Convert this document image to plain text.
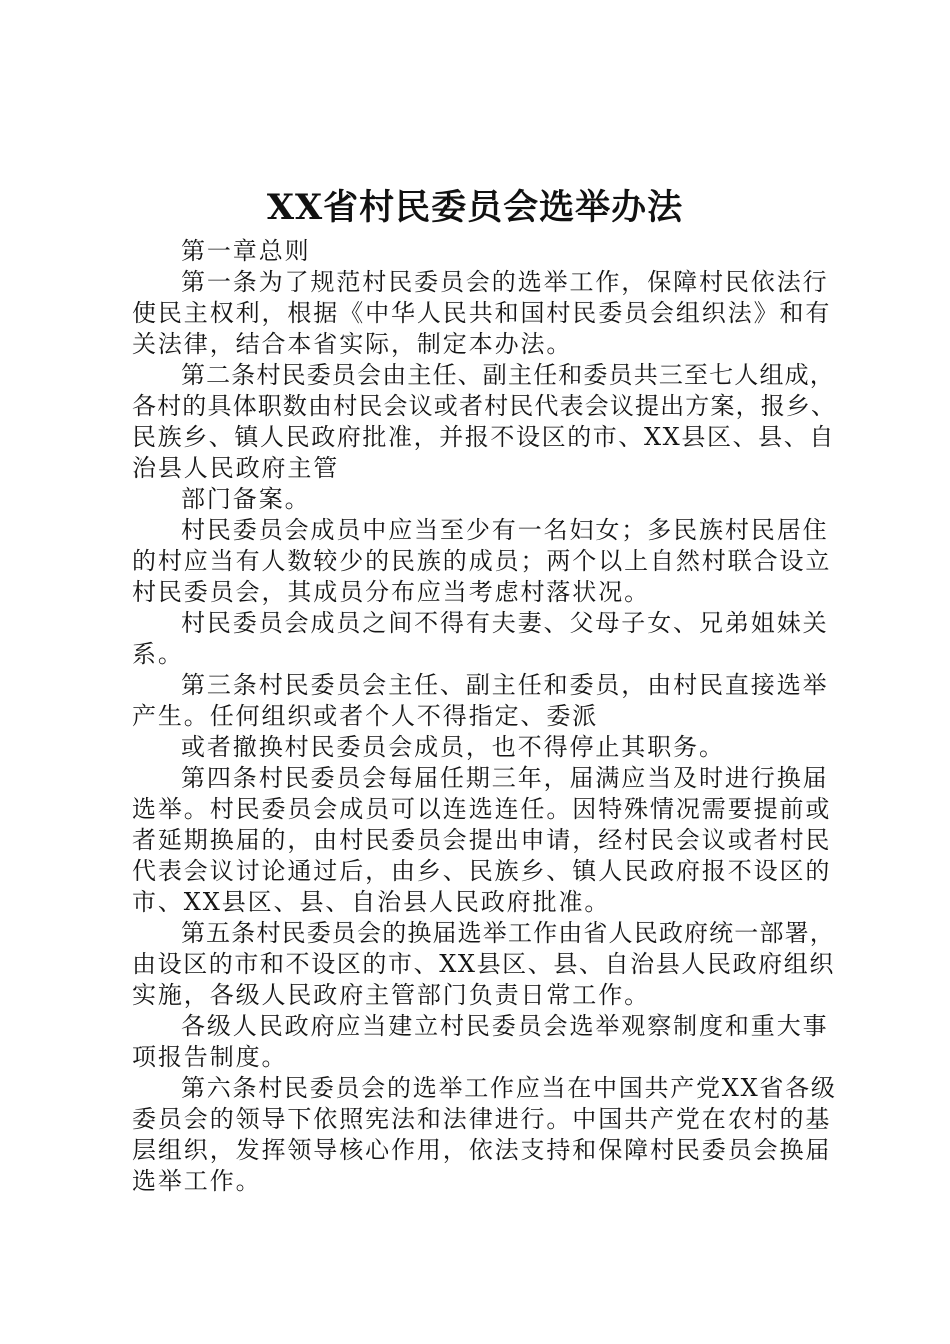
XX省村民委员会选举办法

第一章总则

第一条为了规范村民委员会的选举工作，保障村民依法行
使民主权利，根据《中华人民共和国村民委员会组织法》和有
关法律，结合本省实际，制定本办法。

第二条村民委员会由主任、副主任和委员共三至七人组成，
各村的具体职数由村民会议或者村民代表会议提出方案，报乡、
民族乡、镇人民政府批准，并报不设区的市、XX县区、县、自
治县人民政府主管

部门备案。

村民委员会成员中应当至少有一名妇女；多民族村民居住
的村应当有人数较少的民族的成员；两个以上自然村联合设立
村民委员会，其成员分布应当考虑村落状况。

村民委员会成员之间不得有夫妻、父母子女、兄弟姐妹关
系。

第三条村民委员会主任、副主任和委员，由村民直接选举
产生。任何组织或者个人不得指定、委派

或者撤换村民委员会成员，也不得停止其职务。

第四条村民委员会每届任期三年，届满应当及时进行换届
选举。村民委员会成员可以连选连任。因特殊情况需要提前或
者延期换届的，由村民委员会提出申请，经村民会议或者村民
代表会议讨论通过后，由乡、民族乡、镇人民政府报不设区的
市、XX县区、县、自治县人民政府批准。

第五条村民委员会的换届选举工作由省人民政府统一部署，
由设区的市和不设区的市、XX县区、县、自治县人民政府组织
实施，各级人民政府主管部门负责日常工作。

各级人民政府应当建立村民委员会选举观察制度和重大事
项报告制度。

第六条村民委员会的选举工作应当在中国共产党XX省各级
委员会的领导下依照宪法和法律进行。中国共产党在农村的基
层组织，发挥领导核心作用，依法支持和保障村民委员会换届
选举工作。
